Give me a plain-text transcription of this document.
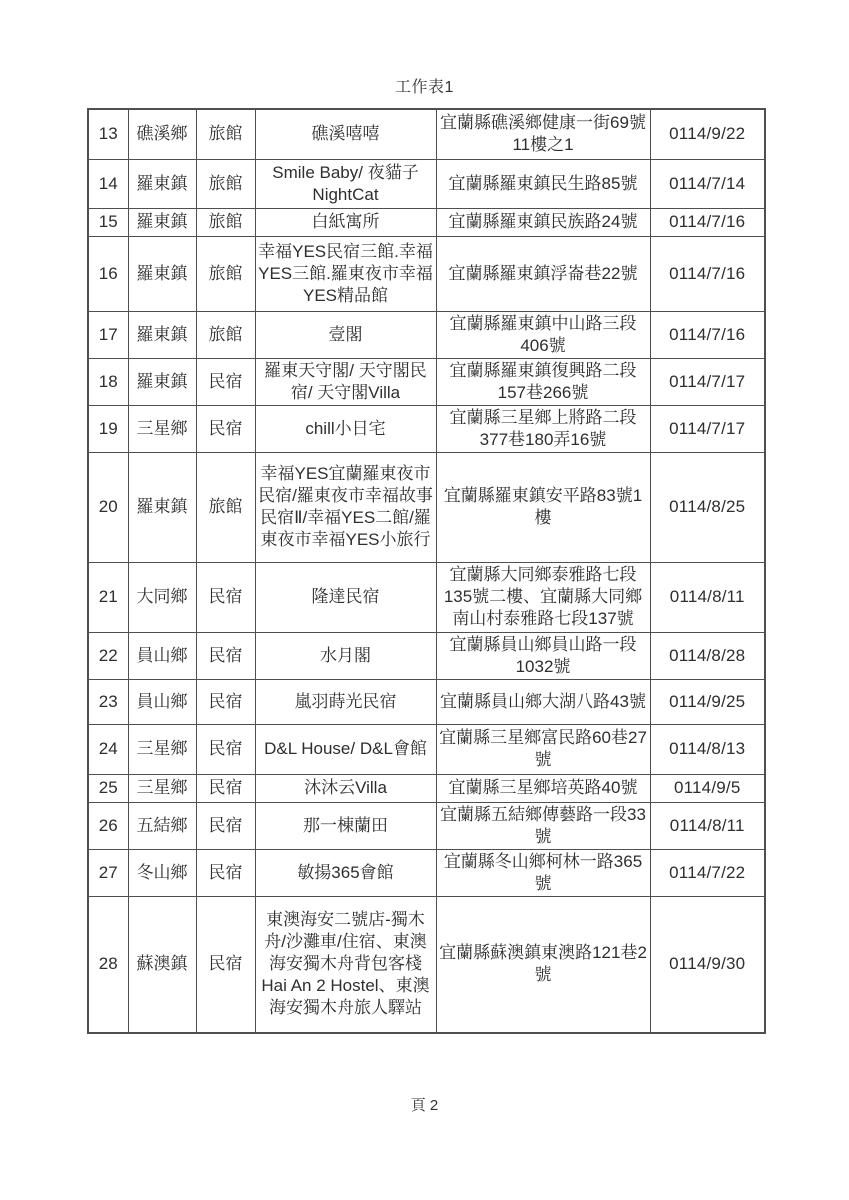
工作表1
13	礁溪鄉	旅館	礁溪嘻嘻	宜蘭縣礁溪鄉健康一街69號11樓之1	0114/9/22
14	羅東鎮	旅館	Smile Baby/ 夜貓子NightCat	宜蘭縣羅東鎮民生路85號	0114/7/14
15	羅東鎮	旅館	白紙寓所	宜蘭縣羅東鎮民族路24號	0114/7/16
16	羅東鎮	旅館	幸福YES民宿三館.幸福YES三館.羅東夜市幸福YES精品館	宜蘭縣羅東鎮浮崙巷22號	0114/7/16
17	羅東鎮	旅館	壹閣	宜蘭縣羅東鎮中山路三段406號	0114/7/16
18	羅東鎮	民宿	羅東天守閣/ 天守閣民宿/ 天守閣Villa	宜蘭縣羅東鎮復興路二段157巷266號	0114/7/17
19	三星鄉	民宿	chill小日宅	宜蘭縣三星鄉上將路二段377巷180弄16號	0114/7/17
20	羅東鎮	旅館	幸福YES宜蘭羅東夜市民宿/羅東夜市幸福故事民宿Ⅱ/幸福YES二館/羅東夜市幸福YES小旅行	宜蘭縣羅東鎮安平路83號1樓	0114/8/25
21	大同鄉	民宿	隆達民宿	宜蘭縣大同鄉泰雅路七段135號二樓、宜蘭縣大同鄉南山村泰雅路七段137號	0114/8/11
22	員山鄉	民宿	水月閣	宜蘭縣員山鄉員山路一段1032號	0114/8/28
23	員山鄉	民宿	嵐羽蒔光民宿	宜蘭縣員山鄉大湖八路43號	0114/9/25
24	三星鄉	民宿	D&L House/ D&L會館	宜蘭縣三星鄉富民路60巷27號	0114/8/13
25	三星鄉	民宿	沐沐云Villa	宜蘭縣三星鄉培英路40號	0114/9/5
26	五結鄉	民宿	那一棟蘭田	宜蘭縣五結鄉傳藝路一段33號	0114/8/11
27	冬山鄉	民宿	敏揚365會館	宜蘭縣冬山鄉柯林一路365號	0114/7/22
28	蘇澳鎮	民宿	東澳海安二號店-獨木舟/沙灘車/住宿、東澳海安獨木舟背包客棧Hai An 2 Hostel、東澳海安獨木舟旅人驛站	宜蘭縣蘇澳鎮東澳路121巷2號	0114/9/30
頁 2
